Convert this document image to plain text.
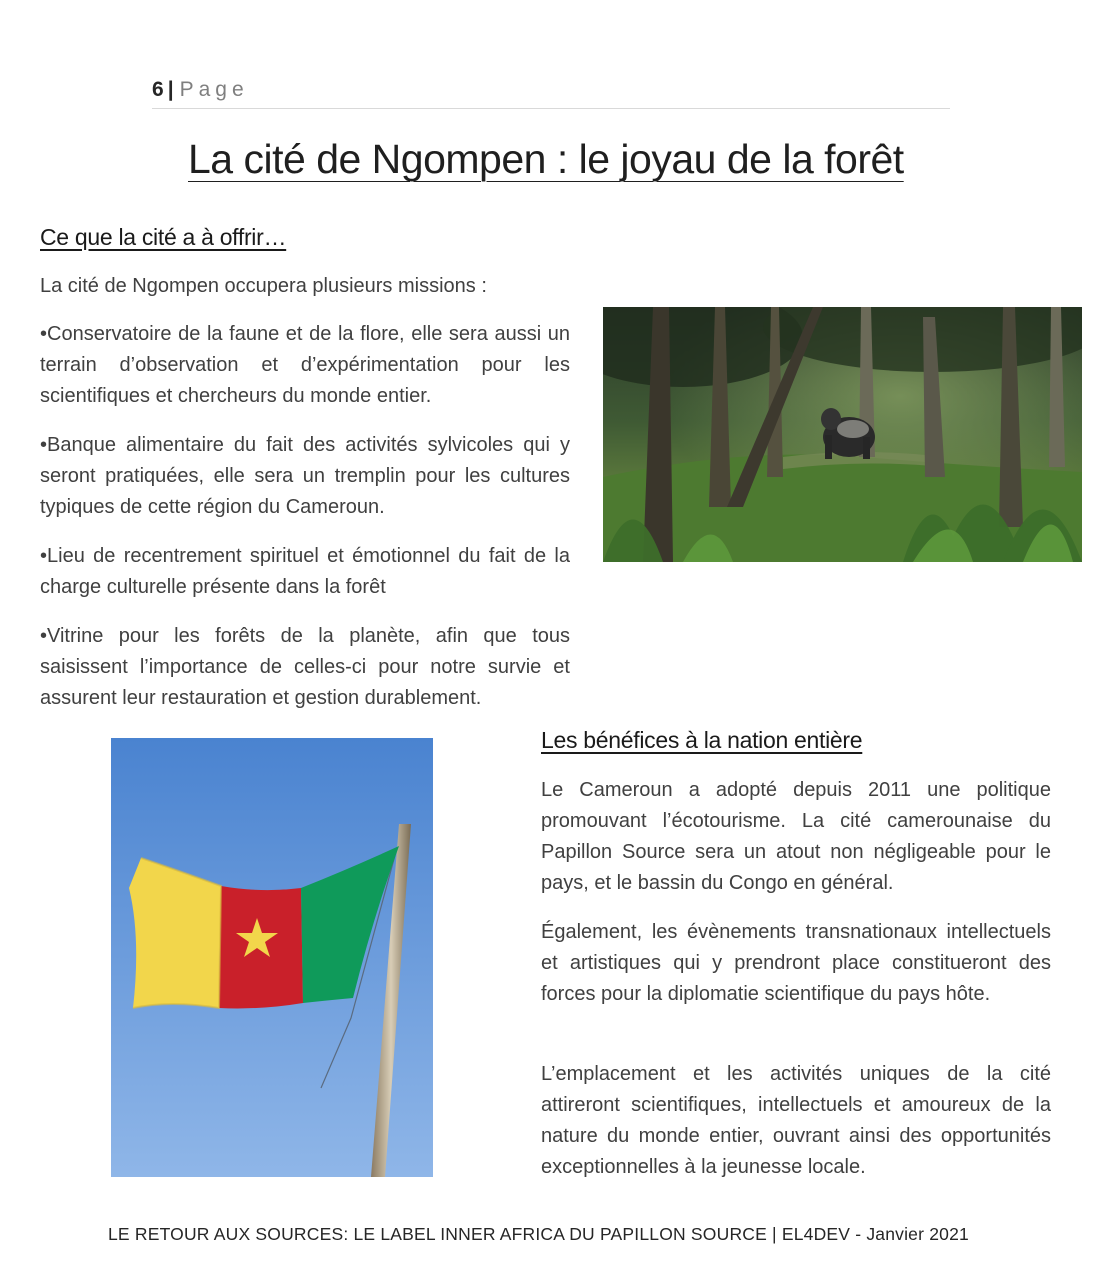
6 | Page
La cité de Ngompen : le joyau de la forêt
Ce que la cité a à offrir…

La cité de Ngompen occupera plusieurs missions :

•Conservatoire de la faune et de la flore, elle sera aussi un terrain d’observation et d’expérimentation pour les scientifiques et chercheurs du monde entier.

•Banque alimentaire du fait des activités sylvicoles qui y seront pratiquées, elle sera un tremplin pour les cultures typiques de cette région du Cameroun.

•Lieu de recentrement spirituel et émotionnel du fait de la charge culturelle présente dans la forêt

•Vitrine pour les forêts de la planète, afin que tous saisissent l’importance de celles-ci pour notre survie et assurent leur restauration et gestion durablement.

Les bénéfices à la nation entière

Le Cameroun a adopté depuis 2011 une politique promouvant l’écotourisme. La cité camerounaise du Papillon Source sera un atout non négligeable pour le pays, et le bassin du Congo en général.

Également, les évènements transnationaux intellectuels et artistiques qui y prendront place constitueront des forces pour la diplomatie scientifique du pays hôte.

L’emplacement et les activités uniques de la cité attireront scientifiques, intellectuels et amoureux de la nature du monde entier, ouvrant ainsi des opportunités exceptionnelles à la jeunesse locale.

LE RETOUR AUX SOURCES: LE LABEL INNER AFRICA DU PAPILLON SOURCE | EL4DEV - Janvier 2021
